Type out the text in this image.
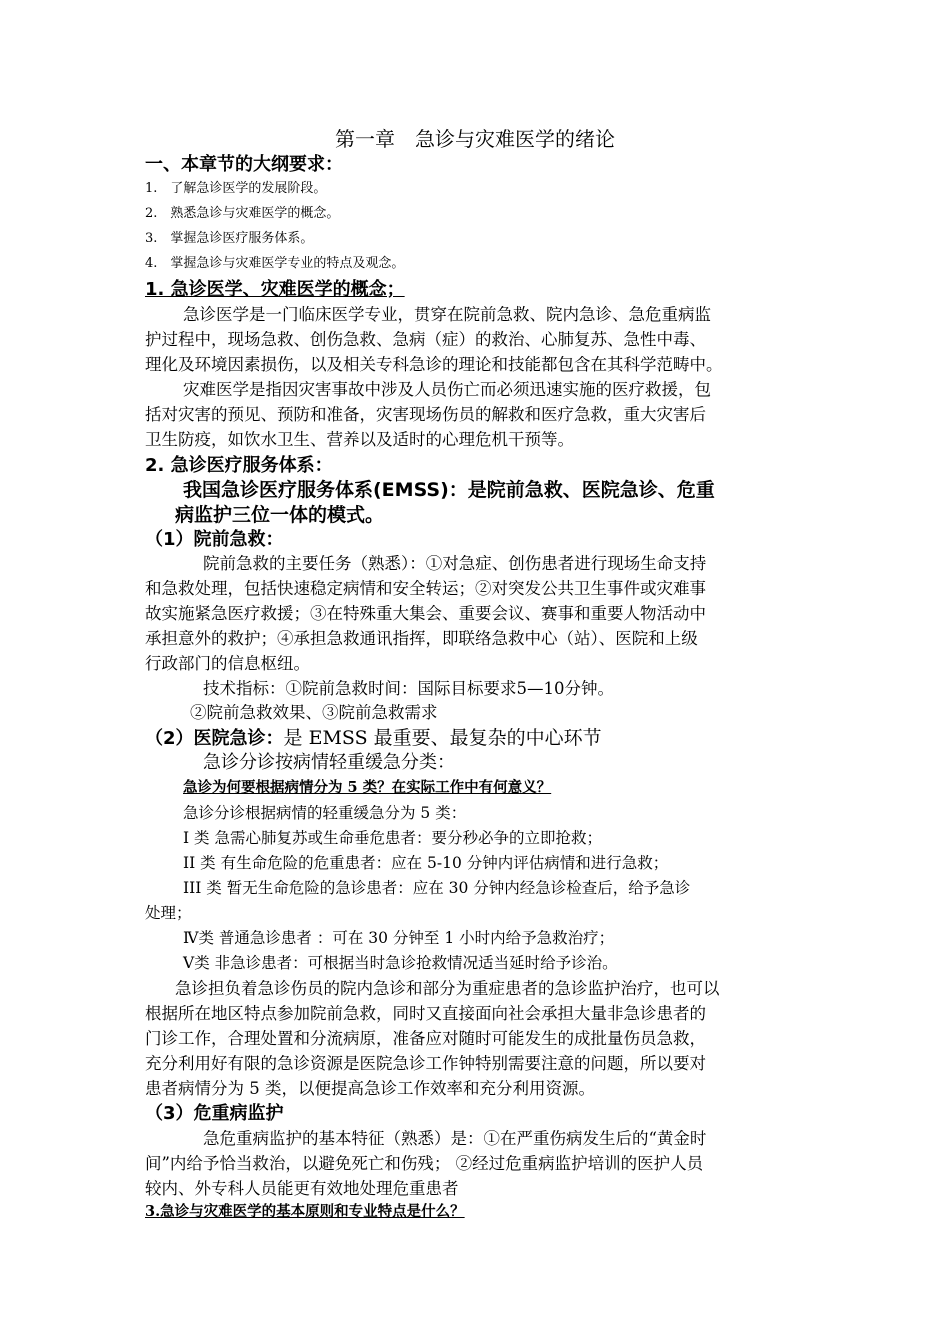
第一章　急诊与灾难医学的绪论
一、本章节的大纲要求：
1.　了解急诊医学的发展阶段。
2.　熟悉急诊与灾难医学的概念。
3.　掌握急诊医疗服务体系。
4.　掌握急诊与灾难医学专业的特点及观念。
1. 急诊医学、灾难医学的概念；
急诊医学是一门临床医学专业，贯穿在院前急救、院内急诊、急危重病监
护过程中，现场急救、创伤急救、急病（症）的救治、心肺复苏、急性中毒、
理化及环境因素损伤，以及相关专科急诊的理论和技能都包含在其科学范畴中。
灾难医学是指因灾害事故中涉及人员伤亡而必须迅速实施的医疗救援，包
括对灾害的预见、预防和准备，灾害现场伤员的解救和医疗急救，重大灾害后
卫生防疫，如饮水卫生、营养以及适时的心理危机干预等。
2. 急诊医疗服务体系：
我国急诊医疗服务体系(EMSS)：是院前急救、医院急诊、危重
病监护三位一体的模式。
（1）院前急救：
院前急救的主要任务（熟悉）：①对急症、创伤患者进行现场生命支持
和急救处理，包括快速稳定病情和安全转运；②对突发公共卫生事件或灾难事
故实施紧急医疗救援；③在特殊重大集会、重要会议、赛事和重要人物活动中
承担意外的救护；④承担急救通讯指挥，即联络急救中心（站）、医院和上级
行政部门的信息枢纽。
技术指标：①院前急救时间：国际目标要求5—10分钟。
②院前急救效果、③院前急救需求
（2）医院急诊：是 EMSS 最重要、最复杂的中心环节
急诊分诊按病情轻重缓急分类：
急诊为何要根据病情分为 5 类？在实际工作中有何意义？
急诊分诊根据病情的轻重缓急分为 5 类：
I 类 急需心肺复苏或生命垂危患者：要分秒必争的立即抢救；
II 类 有生命危险的危重患者：应在 5-10 分钟内评估病情和进行急救；
III 类 暂无生命危险的急诊患者：应在 30 分钟内经急诊检查后，给予急诊
处理；
Ⅳ类 普通急诊患者 ：可在 30 分钟至 1 小时内给予急救治疗；
Ⅴ类 非急诊患者：可根据当时急诊抢救情况适当延时给予诊治。
急诊担负着急诊伤员的院内急诊和部分为重症患者的急诊监护治疗，也可以
根据所在地区特点参加院前急救，同时又直接面向社会承担大量非急诊患者的
门诊工作，合理处置和分流病原，准备应对随时可能发生的成批量伤员急救，
充分利用好有限的急诊资源是医院急诊工作钟特别需要注意的问题，所以要对
患者病情分为 5 类，以便提高急诊工作效率和充分利用资源。
（3）危重病监护
急危重病监护的基本特征（熟悉）是：①在严重伤病发生后的“黄金时
间”内给予恰当救治，以避免死亡和伤残； ②经过危重病监护培训的医护人员
较内、外专科人员能更有效地处理危重患者
3.急诊与灾难医学的基本原则和专业特点是什么？
